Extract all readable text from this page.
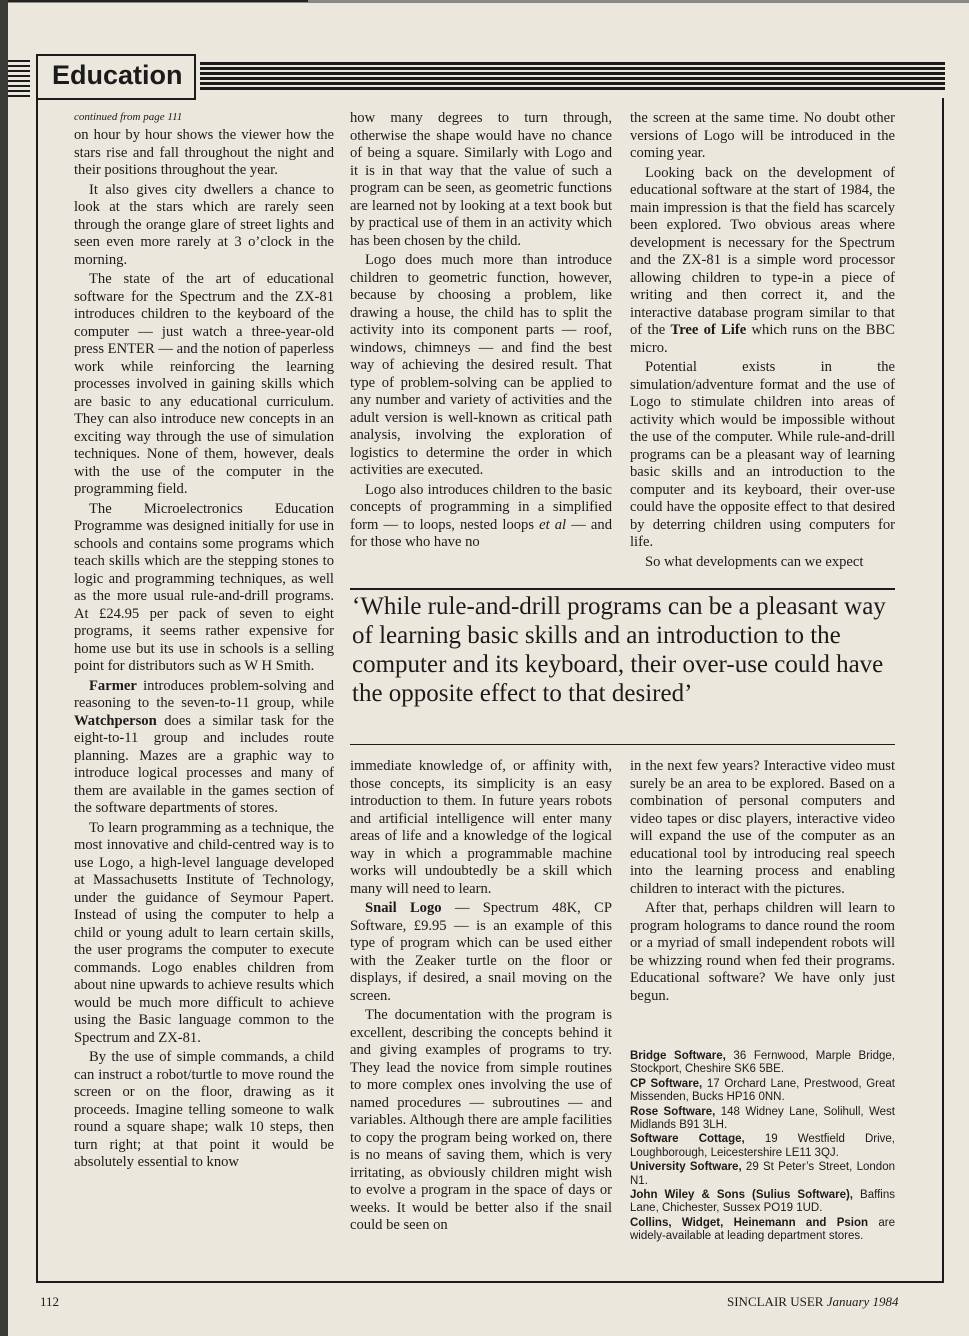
Education
continued from page 111

on hour by hour shows the viewer how the stars rise and fall throughout the night and their positions throughout the year.

It also gives city dwellers a chance to look at the stars which are rarely seen through the orange glare of street lights and seen even more rarely at 3 o’clock in the morning.

The state of the art of educational software for the Spectrum and the ZX-81 introduces children to the keyboard of the computer — just watch a three-year-old press ENTER — and the notion of paperless work while reinforcing the learning processes involved in gaining skills which are basic to any educational curriculum. They can also introduce new concepts in an exciting way through the use of simulation techniques. None of them, however, deals with the use of the computer in the programming field.

The Microelectronics Education Programme was designed initially for use in schools and contains some programs which teach skills which are the stepping stones to logic and programming techniques, as well as the more usual rule-and-drill programs. At £24.95 per pack of seven to eight programs, it seems rather expensive for home use but its use in schools is a selling point for distributors such as W H Smith.

Farmer introduces problem-solving and reasoning to the seven-to-11 group, while Watchperson does a similar task for the eight-to-11 group and includes route planning. Mazes are a graphic way to introduce logical processes and many of them are available in the games section of the software departments of stores.

To learn programming as a technique, the most innovative and child-centred way is to use Logo, a high-level language developed at Massachusetts Institute of Technology, under the guidance of Seymour Papert. Instead of using the computer to help a child or young adult to learn certain skills, the user programs the computer to execute commands. Logo enables children from about nine upwards to achieve results which would be much more difficult to achieve using the Basic language common to the Spectrum and ZX-81.

By the use of simple commands, a child can instruct a robot/turtle to move round the screen or on the floor, drawing as it proceeds. Imagine telling someone to walk round a square shape; walk 10 steps, then turn right; at that point it would be absolutely essential to know

how many degrees to turn through, otherwise the shape would have no chance of being a square. Similarly with Logo and it is in that way that the value of such a program can be seen, as geometric functions are learned not by looking at a text book but by practical use of them in an activity which has been chosen by the child.

Logo does much more than introduce children to geometric function, however, because by choosing a problem, like drawing a house, the child has to split the activity into its component parts — roof, windows, chimneys — and find the best way of achieving the desired result. That type of problem-solving can be applied to any number and variety of activities and the adult version is well-known as critical path analysis, involving the exploration of logistics to determine the order in which activities are executed.

Logo also introduces children to the basic concepts of programming in a simplified form — to loops, nested loops et al — and for those who have no

the screen at the same time. No doubt other versions of Logo will be introduced in the coming year.

Looking back on the development of educational software at the start of 1984, the main impression is that the field has scarcely been explored. Two obvious areas where development is necessary for the Spectrum and the ZX-81 is a simple word processor allowing children to type-in a piece of writing and then correct it, and the interactive database program similar to that of the Tree of Life which runs on the BBC micro.

Potential exists in the simulation/adventure format and the use of Logo to stimulate children into areas of activity which would be impossible without the use of the computer. While rule-and-drill programs can be a pleasant way of learning basic skills and an introduction to the computer and its keyboard, their over-use could have the opposite effect to that desired by deterring children using computers for life.

So what developments can we expect

‘While rule-and-drill programs can be a pleasant way of learning basic skills and an introduction to the computer and its keyboard, their over-use could have the opposite effect to that desired’

immediate knowledge of, or affinity with, those concepts, its simplicity is an easy introduction to them. In future years robots and artificial intelligence will enter many areas of life and a knowledge of the logical way in which a programmable machine works will undoubtedly be a skill which many will need to learn.

Snail Logo — Spectrum 48K, CP Software, £9.95 — is an example of this type of program which can be used either with the Zeaker turtle on the floor or displays, if desired, a snail moving on the screen.

The documentation with the program is excellent, describing the concepts behind it and giving examples of programs to try. They lead the novice from simple routines to more complex ones involving the use of named procedures — subroutines — and variables. Although there are ample facilities to copy the program being worked on, there is no means of saving them, which is very irritating, as obviously children might wish to evolve a program in the space of days or weeks. It would be better also if the snail could be seen on

in the next few years? Interactive video must surely be an area to be explored. Based on a combination of personal computers and video tapes or disc players, interactive video will expand the use of the computer as an educational tool by introducing real speech into the learning process and enabling children to interact with the pictures.

After that, perhaps children will learn to program holograms to dance round the room or a myriad of small independent robots will be whizzing round when fed their programs. Educational software? We have only just begun.

Bridge Software, 36 Fernwood, Marple Bridge, Stockport, Cheshire SK6 5BE.

CP Software, 17 Orchard Lane, Prestwood, Great Missenden, Bucks HP16 0NN.

Rose Software, 148 Widney Lane, Solihull, West Midlands B91 3LH.

Software Cottage, 19 Westfield Drive, Loughborough, Leicestershire LE11 3QJ.

University Software, 29 St Peter’s Street, London N1.

John Wiley & Sons (Sulius Software), Baffins Lane, Chichester, Sussex PO19 1UD.

Collins, Widget, Heinemann and Psion are widely-available at leading department stores.

112	SINCLAIR USER January 1984
